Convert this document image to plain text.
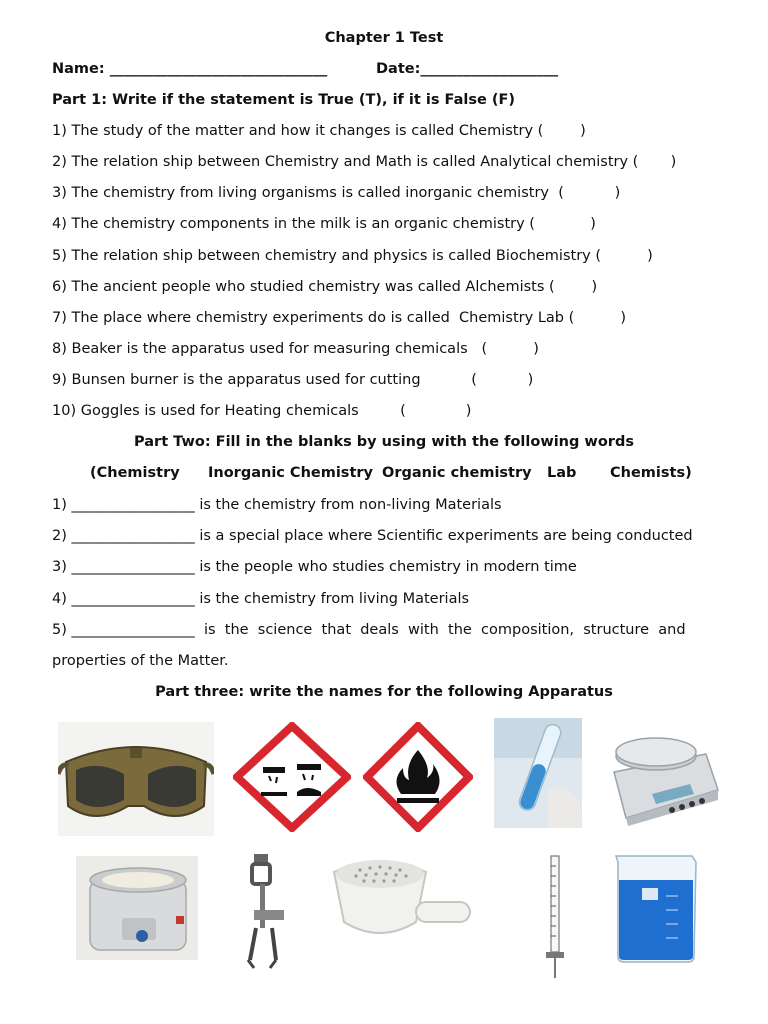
Chapter 1 Test
Name: ______________________________	Date:___________________
Part 1: Write if the statement is True (T), if it is False (F)
1) The study of the matter and how it changes is called Chemistry (        )
2) The relation ship between Chemistry and Math is called Analytical chemistry (       )
3) The chemistry from living organisms is called inorganic chemistry  (           )
4) The chemistry components in the milk is an organic chemistry (            )
5) The relation ship between chemistry and physics is called Biochemistry (          )
6) The ancient people who studied chemistry was called Alchemists (        )
7) The place where chemistry experiments do is called  Chemistry Lab (          )
8) Beaker is the apparatus used for measuring chemicals   (          )
9) Bunsen burner is the apparatus used for cutting           (           )
10) Goggles is used for Heating chemicals         (             )
Part Two: Fill in the blanks by using with the following words
(Chemistry Inorganic Chemistry Organic chemistry Lab Chemists)
1) _________________ is the chemistry from non-living Materials
2) _________________ is a special place where Scientific experiments are being conducted
3) _________________ is the people who studies chemistry in modern time
4) _________________ is the chemistry from living Materials
5) _________________  is  the  science  that  deals  with  the  composition,  structure  and
properties of the Matter.
Part three: write the names for the following Apparatus
